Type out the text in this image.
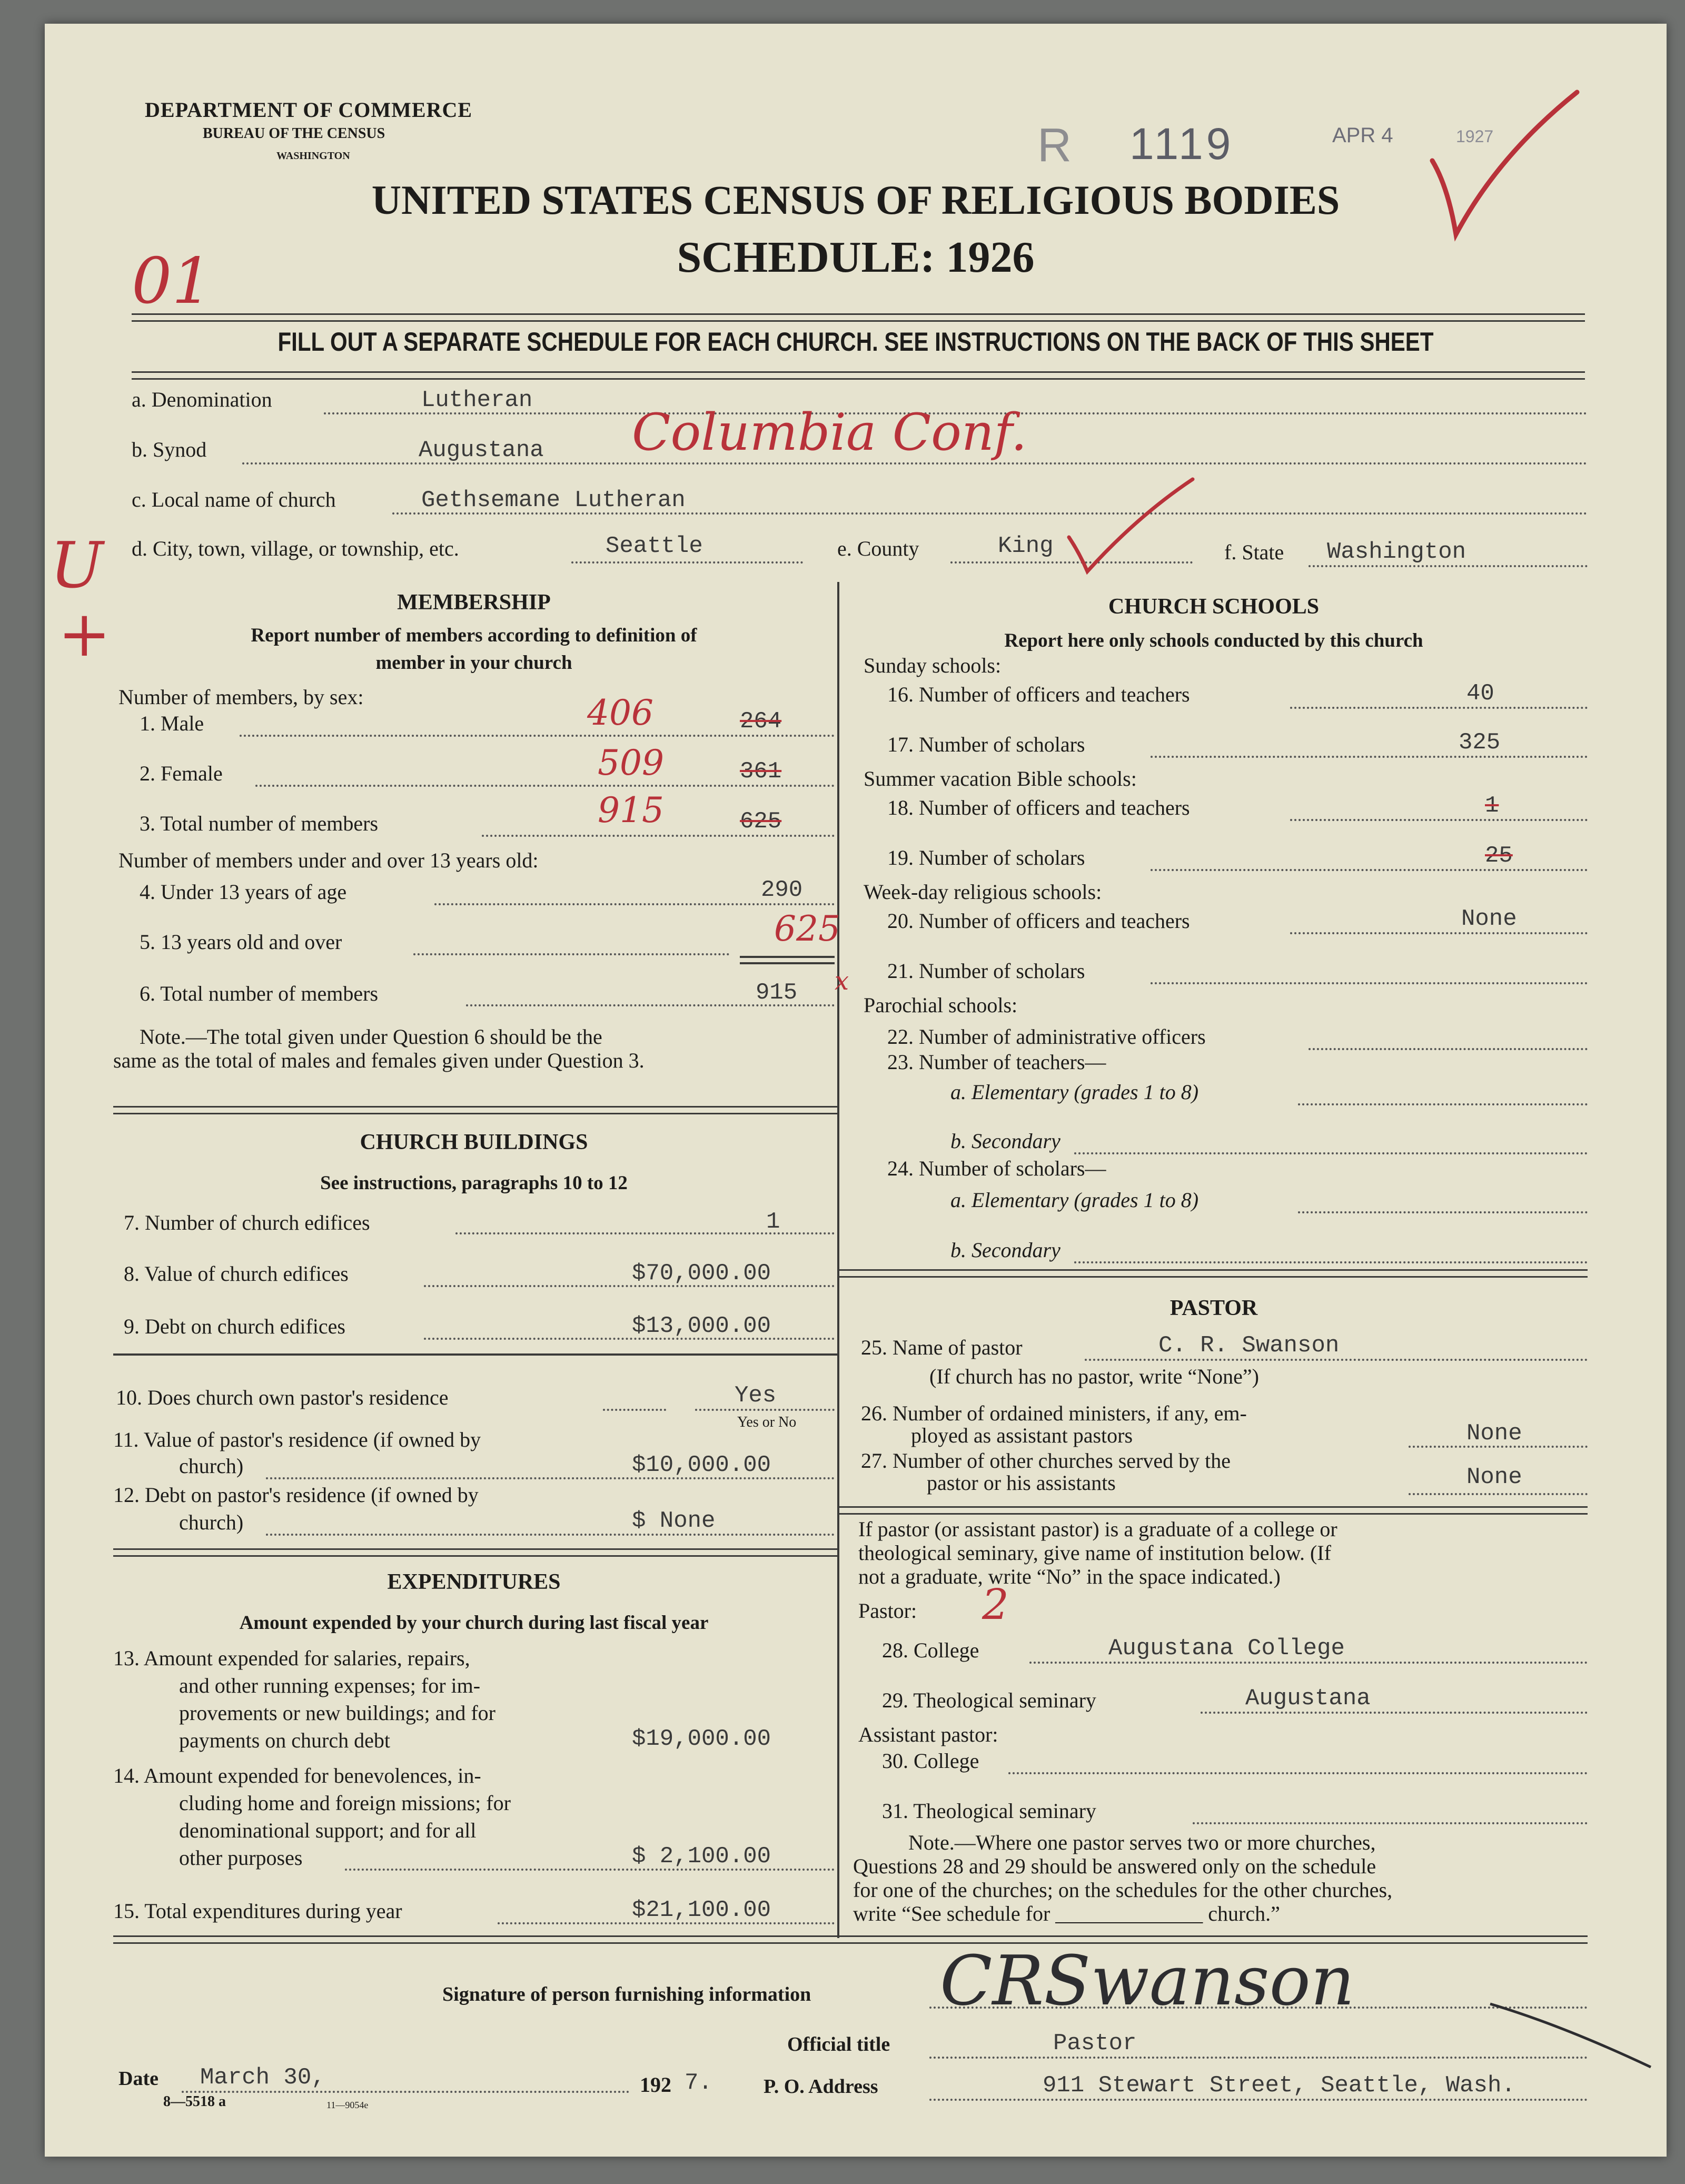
DEPARTMENT OF COMMERCE
BUREAU OF THE CENSUS
WASHINGTON	R 1119	APR 4	1927
UNITED STATES CENSUS OF RELIGIOUS BODIES
SCHEDULE: 1926
01
FILL OUT A SEPARATE SCHEDULE FOR EACH CHURCH. SEE INSTRUCTIONS ON THE BACK OF THIS SHEET
a. Denomination	Lutheran
b. Synod	Augustana Columbia Conf.
c. Local name of church	Gethsemane Lutheran
d. City, town, village, or township, etc.	Seattle	e. County	King	f. State Washington
U
+	MEMBERSHIP
Report number of members according to definition of
member in your church
Number of members, by sex:
1. Male	406	264
2. Female	509	361
3. Total number of members	915	625
Number of members under and over 13 years old:
4. Under 13 years of age	290
5. 13 years old and over	625
6. Total number of members	915 x
Note.—The total given under Question 6 should be the
same as the total of males and females given under Question 3.
CHURCH BUILDINGS
See instructions, paragraphs 10 to 12
7. Number of church edifices	1
8. Value of church edifices	$70,000.00
9. Debt on church edifices	$13,000.00
10. Does church own pastor's residence	Yes
Yes or No
11. Value of pastor's residence (if owned by
church)	$10,000.00
12. Debt on pastor's residence (if owned by
church)	$ None
EXPENDITURES
Amount expended by your church during last fiscal year
13. Amount expended for salaries, repairs,
and other running expenses; for im-
provements or new buildings; and for
payments on church debt	$19,000.00
14. Amount expended for benevolences, in-
cluding home and foreign missions; for
denominational support; and for all
other purposes	$ 2,100.00
15. Total expenditures during year	$21,100.00
CHURCH SCHOOLS
Report here only schools conducted by this church
Sunday schools:
16. Number of officers and teachers	40
17. Number of scholars	325
Summer vacation Bible schools:
18. Number of officers and teachers	1
19. Number of scholars	25
Week-day religious schools:
20. Number of officers and teachers	None
21. Number of scholars
Parochial schools:
22. Number of administrative officers
23. Number of teachers—
a. Elementary (grades 1 to 8)
b. Secondary
24. Number of scholars—
a. Elementary (grades 1 to 8)
b. Secondary
PASTOR
25. Name of pastor	C. R. Swanson
(If church has no pastor, write “None”)
26. Number of ordained ministers, if any, em-
ployed as assistant pastors	None
27. Number of other churches served by the
pastor or his assistants	None
If pastor (or assistant pastor) is a graduate of a college or
theological seminary, give name of institution below. (If
not a graduate, write “No” in the space indicated.)
Pastor: 2
28. College	Augustana College
29. Theological seminary	Augustana
Assistant pastor:
30. College
31. Theological seminary
Note.—Where one pastor serves two or more churches,
Questions 28 and 29 should be answered only on the schedule
for one of the churches; on the schedules for the other churches,
write “See schedule for ______________ church.”
Signature of person furnishing information CRSwanson
Official title	Pastor
Date March 30,	192 7.
8—5518 a	11—9054e
P. O. Address	911 Stewart Street, Seattle, Wash.
